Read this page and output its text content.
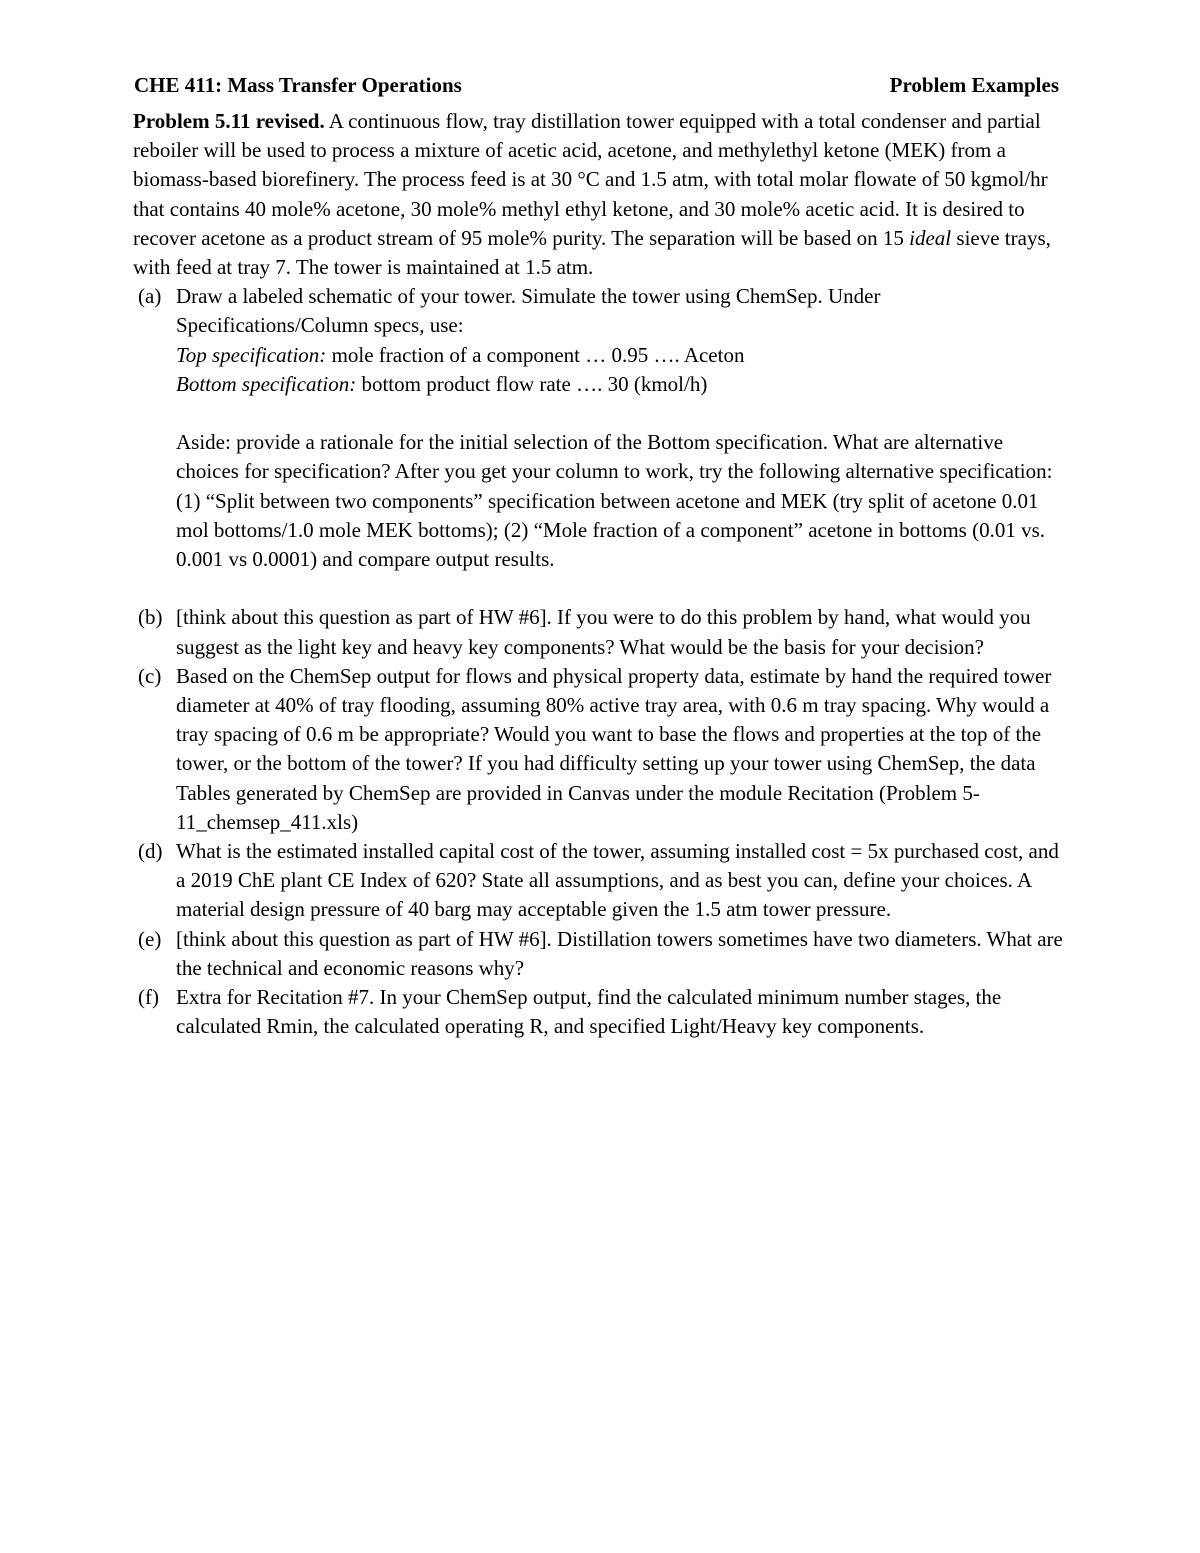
CHE 411: Mass Transfer Operations	Problem Examples

Problem 5.11 revised. A continuous flow, tray distillation tower equipped with a total condenser and partial reboiler will be used to process a mixture of acetic acid, acetone, and methylethyl ketone (MEK) from a biomass-based biorefinery. The process feed is at 30 °C and 1.5 atm, with total molar flowate of 50 kgmol/hr that contains 40 mole% acetone, 30 mole% methyl ethyl ketone, and 30 mole% acetic acid. It is desired to recover acetone as a product stream of 95 mole% purity. The separation will be based on 15 ideal sieve trays, with feed at tray 7. The tower is maintained at 1.5 atm.

(a) Draw a labeled schematic of your tower. Simulate the tower using ChemSep. Under Specifications/Column specs, use:
Top specification: mole fraction of a component … 0.95 …. Aceton
Bottom specification: bottom product flow rate …. 30 (kmol/h)
Aside: provide a rationale for the initial selection of the Bottom specification. What are alternative choices for specification? After you get your column to work, try the following alternative specification: (1) “Split between two components” specification between acetone and MEK (try split of acetone 0.01 mol bottoms/1.0 mole MEK bottoms); (2) “Mole fraction of a component” acetone in bottoms (0.01 vs. 0.001 vs 0.0001) and compare output results.
(b) [think about this question as part of HW #6]. If you were to do this problem by hand, what would you suggest as the light key and heavy key components? What would be the basis for your decision?
(c) Based on the ChemSep output for flows and physical property data, estimate by hand the required tower diameter at 40% of tray flooding, assuming 80% active tray area, with 0.6 m tray spacing. Why would a tray spacing of 0.6 m be appropriate? Would you want to base the flows and properties at the top of the tower, or the bottom of the tower? If you had difficulty setting up your tower using ChemSep, the data Tables generated by ChemSep are provided in Canvas under the module Recitation (Problem 5-11_chemsep_411.xls)
(d) What is the estimated installed capital cost of the tower, assuming installed cost = 5x purchased cost, and a 2019 ChE plant CE Index of 620? State all assumptions, and as best you can, define your choices. A material design pressure of 40 barg may acceptable given the 1.5 atm tower pressure.
(e) [think about this question as part of HW #6]. Distillation towers sometimes have two diameters. What are the technical and economic reasons why?
(f) Extra for Recitation #7. In your ChemSep output, find the calculated minimum number stages, the calculated Rmin, the calculated operating R, and specified Light/Heavy key components.
